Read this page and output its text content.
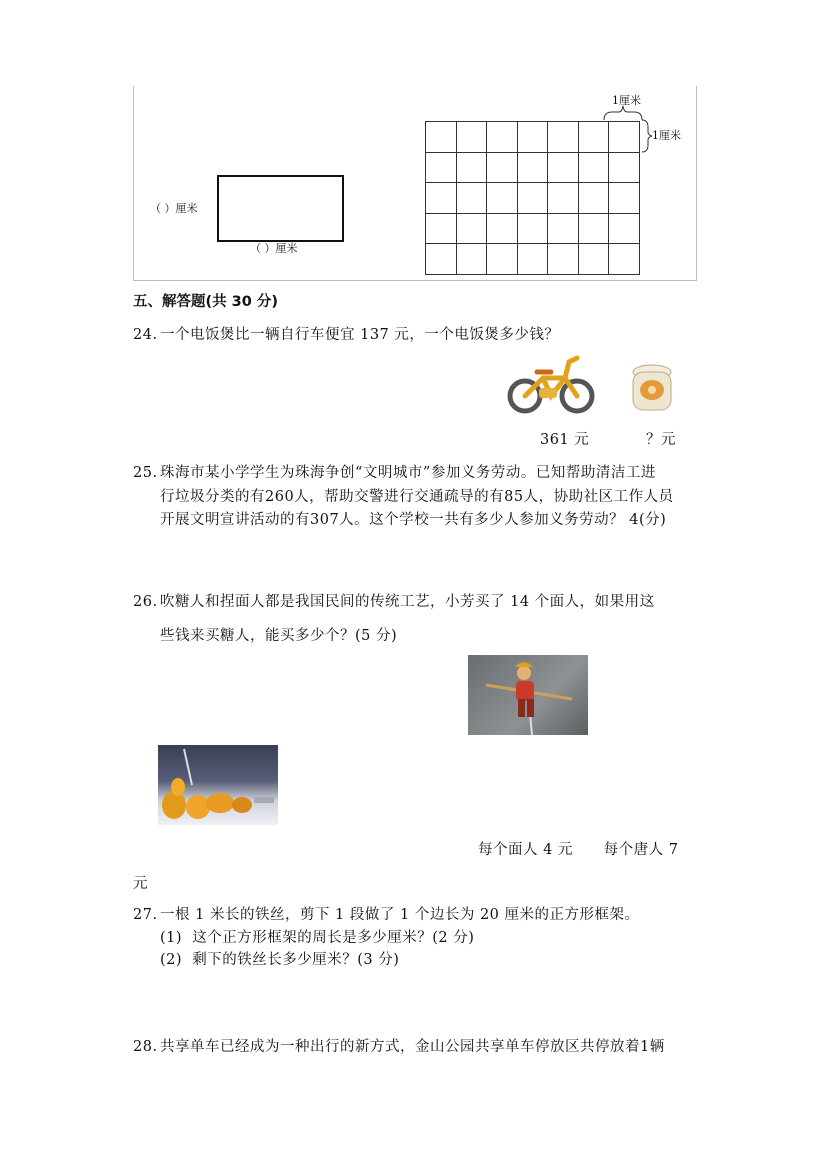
（ ）厘米
（ ）厘米

1厘米
1厘米
五、解答题(共 30 分)
24. 一个电饭煲比一辆自行车便宜 137 元，一个电饭煲多少钱？
361 元	？元
25. 珠海市某小学学生为珠海争创“文明城市”参加义务劳动。已知帮助清洁工进
行垃圾分类的有260人，帮助交警进行交通疏导的有85人，协助社区工作人员
开展文明宣讲活动的有307人。这个学校一共有多少人参加义务劳动？ 4(分)
26. 吹糖人和捏面人都是我国民间的传统工艺，小芳买了 14 个面人，如果用这
些钱来买糖人，能买多少个？(5 分)
每个面人 4 元      每个唐人 7
元
27. 一根 1 米长的铁丝，剪下 1 段做了 1 个边长为 20 厘米的正方形框架。
(1)  这个正方形框架的周长是多少厘米？(2 分)
(2)  剩下的铁丝长多少厘米？(3 分)
28. 共享单车已经成为一种出行的新方式，金山公园共享单车停放区共停放着1辆
